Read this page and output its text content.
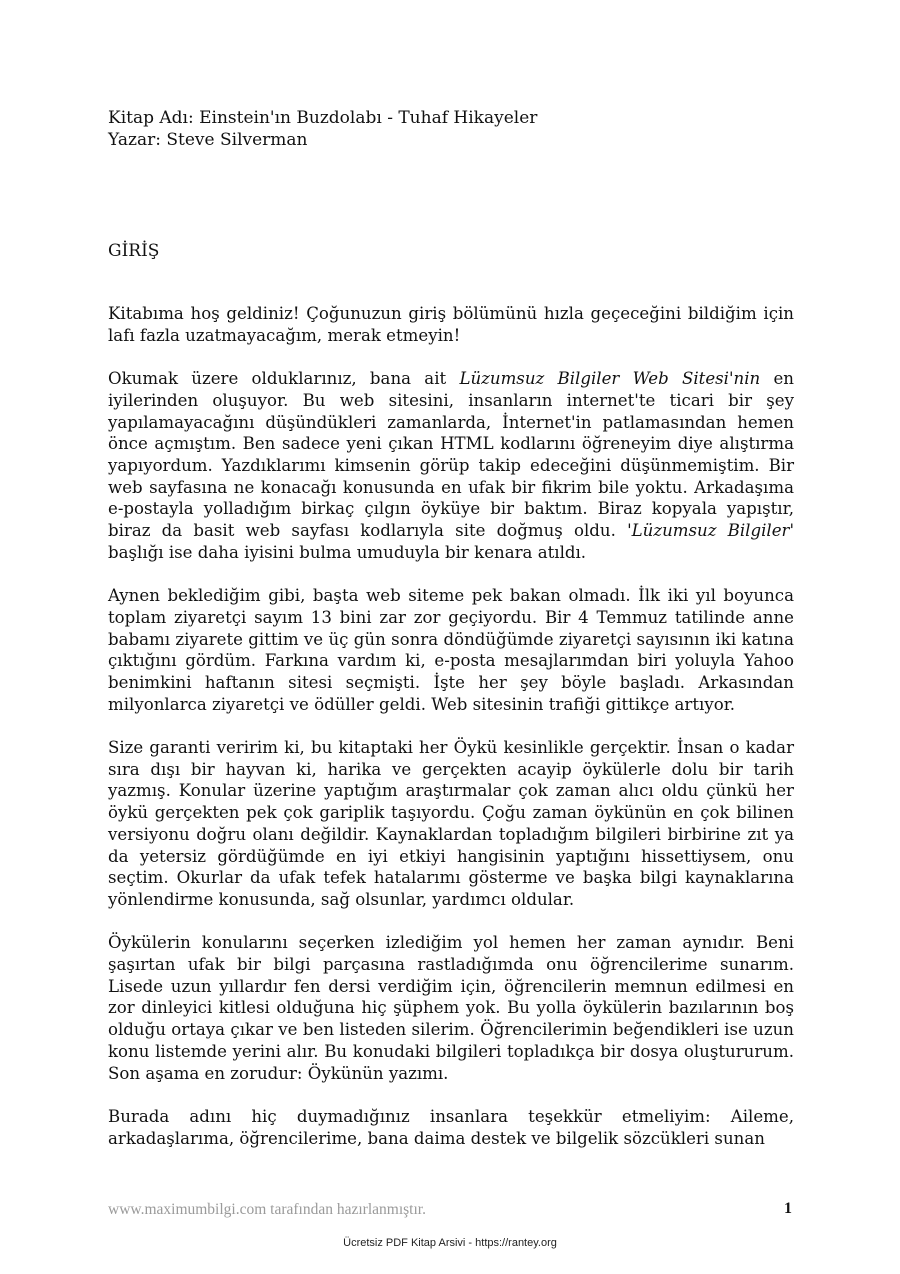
Kitap Adı: Einstein'ın Buzdolabı - Tuhaf Hikayeler
Yazar: Steve Silverman
GİRİŞ

Kitabıma hoş geldiniz! Çoğunuzun giriş bölümünü hızla geçeceğini bildiğim için lafı fazla uzatmayacağım, merak etmeyin!

Okumak üzere olduklarınız, bana ait Lüzumsuz Bilgiler Web Sitesi'nin en iyilerinden oluşuyor. Bu web sitesini, insanların internet'te ticari bir şey yapılamayacağını düşündükleri zamanlarda, İnternet'in patlamasından hemen önce açmıştım. Ben sadece yeni çıkan HTML kodlarını öğreneyim diye alıştırma yapıyordum. Yazdıklarımı kimsenin görüp takip edeceğini düşünmemiştim. Bir web sayfasına ne konacağı konusunda en ufak bir fikrim bile yoktu. Arkadaşıma e-postayla yolladığım birkaç çılgın öyküye bir baktım. Biraz kopyala yapıştır, biraz da basit web sayfası kodlarıyla site doğmuş oldu. 'Lüzumsuz Bilgiler' başlığı ise daha iyisini bulma umuduyla bir kenara atıldı.

Aynen beklediğim gibi, başta web siteme pek bakan olmadı. İlk iki yıl boyunca toplam ziyaretçi sayım 13 bini zar zor geçiyordu. Bir 4 Temmuz tatilinde anne babamı ziyarete gittim ve üç gün sonra döndüğümde ziyaretçi sayısının iki katına çıktığını gördüm. Farkına vardım ki, e-posta mesajlarımdan biri yoluyla Yahoo benimkini haftanın sitesi seçmişti. İşte her şey böyle başladı. Arkasından milyonlarca ziyaretçi ve ödüller geldi. Web sitesinin trafiği gittikçe artıyor.

Size garanti veririm ki, bu kitaptaki her Öykü kesinlikle gerçektir. İnsan o kadar sıra dışı bir hayvan ki, harika ve gerçekten acayip öykülerle dolu bir tarih yazmış. Konular üzerine yaptığım araştırmalar çok zaman alıcı oldu çünkü her öykü gerçekten pek çok gariplik taşıyordu. Çoğu zaman öykünün en çok bilinen versiyonu doğru olanı değildir. Kaynaklardan topladığım bilgileri birbirine zıt ya da yetersiz gördüğümde en iyi etkiyi hangisinin yaptığını hissettiysem, onu seçtim. Okurlar da ufak tefek hatalarımı gösterme ve başka bilgi kaynaklarına yönlendirme konusunda, sağ olsunlar, yardımcı oldular.

Öykülerin konularını seçerken izlediğim yol hemen her zaman aynıdır. Beni şaşırtan ufak bir bilgi parçasına rastladığımda onu öğrencilerime sunarım. Lisede uzun yıllardır fen dersi verdiğim için, öğrencilerin memnun edilmesi en zor dinleyici kitlesi olduğuna hiç şüphem yok. Bu yolla öykülerin bazılarının boş olduğu ortaya çıkar ve ben listeden silerim. Öğrencilerimin beğendikleri ise uzun konu listemde yerini alır. Bu konudaki bilgileri topladıkça bir dosya oluştururum. Son aşama en zorudur: Öykünün yazımı.

Burada adını hiç duymadığınız insanlara teşekkür etmeliyim: Aileme, arkadaşlarıma, öğrencilerime, bana daima destek ve bilgelik sözcükleri sunan

www.maximumbilgi.com tarafından hazırlanmıştır.	1
Ücretsiz PDF Kitap Arsivi - https://rantey.org
